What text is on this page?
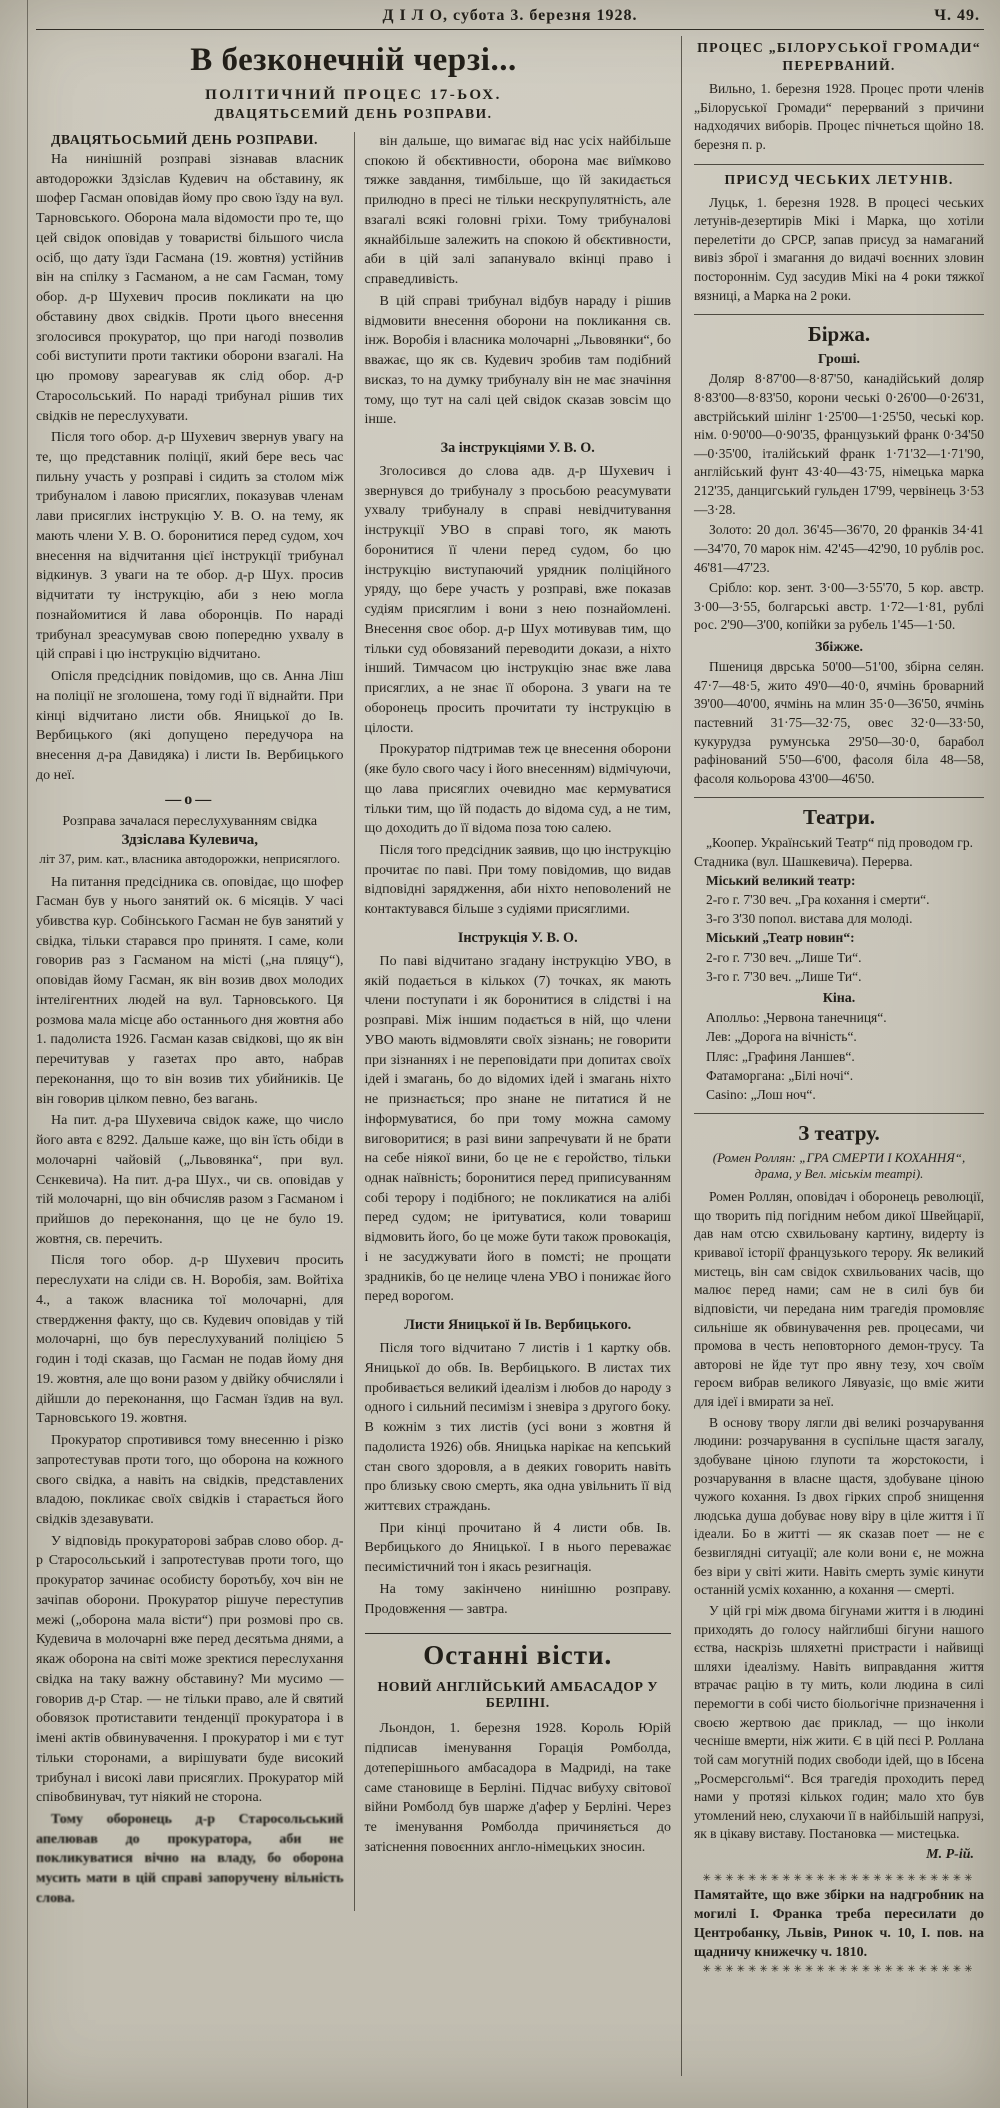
Д І Л О, субота 3. березня 1928.	Ч. 49.
В безконечній черзі...
ПОЛІТИЧНИЙ ПРОЦЕС 17-ЬОХ.
ДВАЦЯТЬСЕМИЙ ДЕНЬ РОЗПРАВИ.

ДВАЦЯТЬОСЬМИЙ ДЕНЬ РОЗПРАВИ.

На нинішній розправі зізнавав власник автодорожки Здзіслав Кудевич на обставину, як шофер Гасман оповідав йому про свою їзду на вул. Тарновського. Оборона мала відомости про те, що цей свідок оповідав у товаристві більшого числа осіб, що дату їзди Гасмана (19. жовтня) устійнив він на спілку з Гасманом, а не сам Гасман, тому обор. д-р Шухевич просив покликати на цю обставину двох свідків. Проти цього внесення зголосився прокуратор, що при нагоді позволив собі виступити проти тактики оборони взагалі. На цю промову зареагував як слід обор. д-р Старосольський. По нараді трибунал рішив тих свідків не переслухувати.

Після того обор. д-р Шухевич звернув увагу на те, що представник поліції, який бере весь час пильну участь у розправі і сидить за столом між трибуналом і лавою присяглих, показував членам лави присяглих інструкцію У. В. О. на тему, як мають члени У. В. О. боронитися перед судом, хоч внесення на відчитання цієї інструкції трибунал відкинув. З уваги на те обор. д-р Шух. просив відчитати ту інструкцію, аби з нею могла познайомитися й лава оборонців. По нараді трибунал зреасумував свою попередню ухвалу в цій справі і цю інструкцію відчитано.

Опісля предсідник повідомив, що св. Анна Ліш на поліції не зголошена, тому годі її віднайти. При кінці відчитано листи обв. Яницької до Ів. Вербицького (які допущено передучора на внесення д-ра Давидяка) і листи Ів. Вербицького до неї.

—о—
Розправа зачалася переслухуванням свідка
Здзіслава Кулевича,
літ 37, рим. кат., власника автодорожки, неприсяглого.

На питання предсідника св. оповідає, що шофер Гасман був у нього занятий ок. 6 місяців. У часі убивства кур. Собінського Гасман не був занятий у свідка, тільки старався про принятя. І саме, коли говорив раз з Гасманом на місті („на пляцу“), оповідав йому Гасман, як він возив двох молодих інтелігентних людей на вул. Тарновського. Ця розмова мала місце або останнього дня жовтня або 1. падолиста 1926. Гасман казав свідкові, що як він перечитував у газетах про авто, набрав переконання, що то він возив тих убийників. Це він говорив цілком певно, без вагань.

На пит. д-ра Шухевича свідок каже, що число його авта є 8292. Дальше каже, що він їсть обіди в молочарні чайовій („Львовянка“, при вул. Сєнкевича). На пит. д-ра Шух., чи св. оповідав у тій молочарні, що він обчисляв разом з Гасманом і прийшов до переконання, що це не було 19. жовтня, св. перечить.

Після того обор. д-р Шухевич просить переслухати на сліди св. Н. Воробія, зам. Войтіха 4., а також власника тої молочарні, для ствердження факту, що св. Кудевич оповідав у тій молочарні, що був переслухуваний поліцією 5 годин і тоді сказав, що Гасман не подав йому дня 19. жовтня, але що вони разом у двійку обчисляли і дійшли до переконання, що Гасман їздив на вул. Тарновського 19. жовтня.

Прокуратор спротивився тому внесенню і різко запротестував проти того, що оборона на кожного свого свідка, а навіть на свідків, представлених владою, покликає своїх свідків і старається його свідків здезавувати.

У відповідь прокураторові забрав слово обор. д-р Старосольський і запротестував проти того, що прокуратор зачинає особисту боротьбу, хоч він не зачіпав оборони. Прокуратор рішуче переступив межі („оборона мала вісти“) при розмові про св. Кудевича в молочарні вже перед десятьма днями, а якаж оборона на світі може зректися переслухання свідка на таку важну обставину? Ми мусимо — говорив д-р Стар. — не тільки право, але й святий обовязок протиставити тенденції прокуратора і в імені актів обвинувачення. І прокуратор і ми є тут тільки сторонами, а вирішувати буде високий трибунал і високі лави присяглих. Прокуратор мій співобвинувач, тут ніякий не сторона.

Тому оборонець д-р Старосольський апелював до прокуратора, аби не покликуватися вічно на владу, бо оборона мусить мати в цій справі запоручену вільність слова.

він дальше, що вимагає від нас усіх найбільше спокою й обєктивности, оборона має виїмково тяжке завдання, тимбільше, що їй закидається прилюдно в пресі не тільки нескрупулятність, але взагалі всякі головні гріхи. Тому трибуналові якнайбільше залежить на спокою й обєктивности, аби в цій залі запанувало вкінці право і справедливість.

В цій справі трибунал відбув нараду і рішив відмовити внесення оборони на покликання св. інж. Воробія і власника молочарні „Львовянки“, бо вважає, що як св. Кудевич зробив там подібний висказ, то на думку трибуналу він не має значіння тому, що тут на салі цей свідок сказав зовсім що інше.

За інструкціями У. В. О.

Зголосився до слова адв. д-р Шухевич і звернувся до трибуналу з просьбою реасумувати ухвалу трибуналу в справі невідчитування інструкції УВО в справі того, як мають боронитися її члени перед судом, бо цю інструкцію виступаючий урядник поліційного уряду, що бере участь у розправі, вже показав судіям присяглим і вони з нею познайомлені. Внесення своє обор. д-р Шух мотивував тим, що тільки суд обовязаний переводити докази, а ніхто інший. Тимчасом цю інструкцію знає вже лава присяглих, а не знає її оборона. З уваги на те оборонець просить прочитати ту інструкцію в цілости.

Прокуратор підтримав теж це внесення оборони (яке було свого часу і його внесенням) відмічуючи, що лава присяглих очевидно має кермуватися тільки тим, що їй подасть до відома суд, а не тим, що доходить до її відома поза тою салею.

Після того предсідник заявив, що цю інструкцію прочитає по паві. При тому повідомив, що видав відповідні зарядження, аби ніхто неповолений не контактувався більше з судіями присяглими.

Інструкція У. В. О.

По паві відчитано згадану інструкцію УВО, в якій подається в кількох (7) точках, як мають члени поступати і як боронитися в слідстві і на розправі. Між іншим подається в ній, що члени УВО мають відмовляти своїх зізнань; не говорити при зізнаннях і не переповідати при допитах своїх ідей і змагань, бо до відомих ідей і змагань ніхто не признається; про знане не питатися й не інформуватися, бо при тому можна самому виговоритися; в разі вини запречувати й не брати на себе ніякої вини, бо це не є геройство, тільки однак наївність; боронитися перед приписуванням собі терору і подібного; не покликатися на алібі перед судом; не іритуватися, коли товариш відмовить його, бо це може бути також провокація, і не засуджувати його в помсті; не прощати зрадників, бо це нелице члена УВО і понижає його перед ворогом.

Листи Яницької й Ів. Вербицького.

Після того відчитано 7 листів і 1 картку обв. Яницької до обв. Ів. Вербицького. В листах тих пробивається великий ідеалізм і любов до народу з одного і сильний песимізм і зневіра з другого боку. В кожнім з тих листів (усі вони з жовтня й падолиста 1926) обв. Яницька нарікає на кепський стан свого здоровля, а в деяких говорить навіть про близьку свою смерть, яка одна увільнить її від життєвих страждань.

При кінці прочитано й 4 листи обв. Ів. Вербицького до Яницької. І в нього переважає песимістичний тон і якась резигнація.

На тому закінчено нинішню розправу. Продовження — завтра.

Останні вісти.
НОВИЙ АНГЛІЙСЬКИЙ АМБАСАДОР У БЕРЛІНІ.

Льондон, 1. березня 1928. Король Юрій підписав іменування Горація Ромболда, дотеперішнього амбасадора в Мадриді, на таке саме становище в Берліні. Підчас вибуху світової війни Ромболд був шарже д'афер у Берліні. Через те іменування Ромболда причиняється до затіснення повоєнних англо-німецьких зносин.

ПРОЦЕС „БІЛОРУСЬКОЇ ГРОМАДИ“
ПЕРЕРВАНИЙ.

Вильно, 1. березня 1928. Процес проти членів „Білоруської Громади“ перерваний з причини надходячих виборів. Процес пічнеться щойно 18. березня п. р.

ПРИСУД ЧЕСЬКИХ ЛЕТУНІВ.

Луцьк, 1. березня 1928. В процесі чеських летунів-дезертирів Мікі і Марка, що хотіли перелетіти до СРСР, запав присуд за намаганий вивіз зброї і змагання до видачі воєнних зловин постороннім. Суд засудив Мікі на 4 роки тяжкої вязниці, а Марка на 2 роки.

Біржа.
Гроші.

Доляр 8·87'00—8·87'50, канадійський доляр 8·83'00—8·83'50, корони чеські 0·26'00—0·26'31, австрійський шілінг 1·25'00—1·25'50, чеські кор. нім. 0·90'00—0·90'35, французький франк 0·34'50—0·35'00, італійський франк 1·71'32—1·71'90, англійський фунт 43·40—43·75, німецька марка 212'35, данцигський гульден 17'99, червінець 3·53—3·28.

Золото: 20 дол. 36'45—36'70, 20 франків 34·41—34'70, 70 марок нім. 42'45—42'90, 10 рублів рос. 46'81—47'23.

Срібло: кор. зент. 3·00—3·55'70, 5 кор. австр. 3·00—3·55, болгарські австр. 1·72—1·81, рублі рос. 2'90—3'00, копійки за рубель 1'45—1·50.

Збіжже.

Пшениця дврська 50'00—51'00, збірна селян. 47·7—48·5, жито 49'0—40·0, ячмінь броварний 39'00—40'00, ячмінь на млин 35·0—36'50, ячмінь пастевний 31·75—32·75, овес 32·0—33·50, кукурудза румунська 29'50—30·0, барабол рафінований 5'50—6'00, фасоля біла 48—58, фасоля кольорова 43'00—46'50.

Театри.

„Коопер. Український Театр“ під проводом гр. Стадника (вул. Шашкевича). Перерва.

Міський великий театр:

2-го г. 7'30 веч. „Гра кохання і смерти“.

3-го 3'30 попол. вистава для молоді.

Міський „Театр новин“:

2-го г. 7'30 веч. „Лише Ти“.

3-го г. 7'30 веч. „Лише Ти“.

Кіна.

Аполльо: „Червона танечниця“.

Лев: „Дорога на вічність“.

Пляс: „Графиня Ланшев“.

Фатаморгана: „Білі ночі“.

Casino: „Лош ноч“.

З театру.
(Ромен Роллян: „ГРА СМЕРТИ І КОХАННЯ“, драма, у Вел. міськім театрі).

Ромен Роллян, оповідач і оборонець революції, що творить під погідним небом дикої Швейцарії, дав нам отсю схвильовану картину, видерту із кривавої історії французького терору. Як великий мистець, він сам свідок схвильованих часів, що малює перед нами; сам не в силі був би відповісти, чи передана ним трагедія промовляє сильніше як обвинувачення рев. процесами, чи промова в честь неповторного демон-трусу. Та авторові не йде тут про явну тезу, хоч своїм героєм вибрав великого Лявуазіє, що вміє жити для ідеї і вмирати за неї.

В основу твору лягли дві великі розчарування людини: розчарування в суспільне щастя загалу, здобуване ціною глупоти та жорстокости, і розчарування в власне щастя, здобуване ціною чужого кохання. Із двох гірких спроб знищення людська душа добуває нову віру в ціле життя і її ідеали. Бо в житті — як сказав поет — не є безвиглядні ситуації; але коли вони є, не можна без віри у світі жити. Навіть смерть зуміє кинути останній усміх коханню, а кохання — смерті.

У цій грі між двома бігунами життя і в людині приходять до голосу найглибші бігуни нашого єства, наскрізь шляхетні пристрасти і найвищі шляхи ідеалізму. Навіть виправдання життя втрачає рацію в ту мить, коли людина в силі перемогти в собі чисто біольогічне призначення і своєю жертвою дає приклад, — що інколи чесніше вмерти, ніж жити. Є в цій пєсі Р. Роллана той сам могутній подих свободи ідей, що в Ібсена „Росмерсгольмі“. Вся трагедія проходить перед нами у протязі кількох годин; мало хто був утомлений нею, слухаючи її в найбільшій напрузі, як в цікаву виставу. Постановка — мистецька.

М. Р-ій.
✳✳✳✳✳✳✳✳✳✳✳✳✳✳✳✳✳✳✳✳✳✳✳✳

Памятайте, що вже збірки на надгробник на могилі І. Франка треба пересилати до Центробанку, Львів, Ринок ч. 10, І. пов. на щадничу книжечку ч. 1810.

✳✳✳✳✳✳✳✳✳✳✳✳✳✳✳✳✳✳✳✳✳✳✳✳
